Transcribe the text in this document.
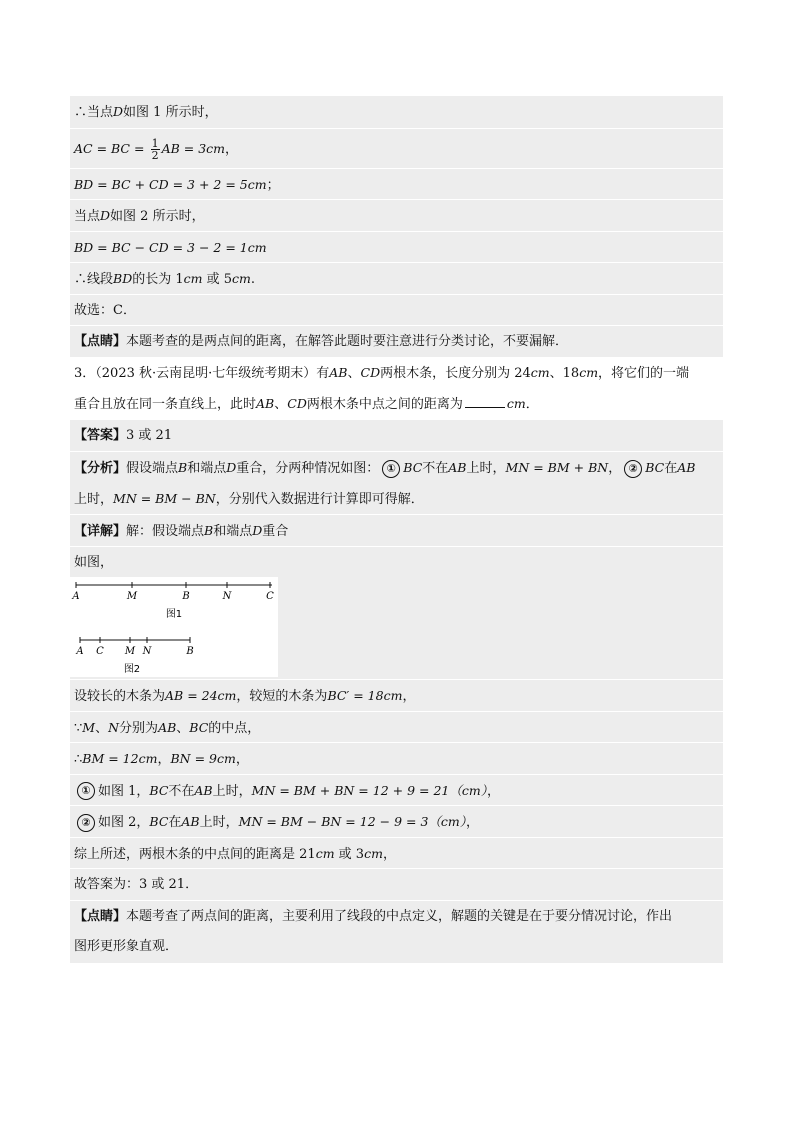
∴当点D如图 1 所示时，
AC = BC = $\frac{1}{2}$ AB = 3cm，
BD = BC + CD = 3 + 2 = 5cm；
当点D如图 2 所示时，
BD = BC − CD = 3 − 2 = 1cm
∴线段BD的长为 1cm 或 5cm.
故选：C．
【点睛】本题考查的是两点间的距离，在解答此题时要注意进行分类讨论，不要漏解．
3．（2023 秋·云南昆明·七年级统考期末）有AB、CD两根木条，长度分别为 24cm、18cm，将它们的一端
重合且放在同一条直线上，此时AB、CD两根木条中点之间的距离为	cm．
【答案】3 或 21
【分析】假设端点B和端点D重合，分两种情况如图： ① BC不在AB上时，MN = BM + BN， ② BC在AB
上时，MN = BM − BN，分别代入数据进行计算即可得解．
【详解】解：假设端点B和端点D重合
如图，
A	M	B	N	C
图1
A C M N	B
图2
设较长的木条为AB = 24cm，较短的木条为BC′ = 18cm，
∵M、N分别为AB、BC的中点，
∴BM = 12cm，BN = 9cm，
① 如图 1，BC不在AB上时，MN = BM + BN = 12 + 9 = 21（cm），
② 如图 2，BC在AB上时，MN = BM − BN = 12 − 9 = 3（cm），
综上所述，两根木条的中点间的距离是 21cm 或 3cm，
故答案为：3 或 21．
【点睛】本题考查了两点间的距离，主要利用了线段的中点定义，解题的关键是在于要分情况讨论，作出
图形更形象直观．
